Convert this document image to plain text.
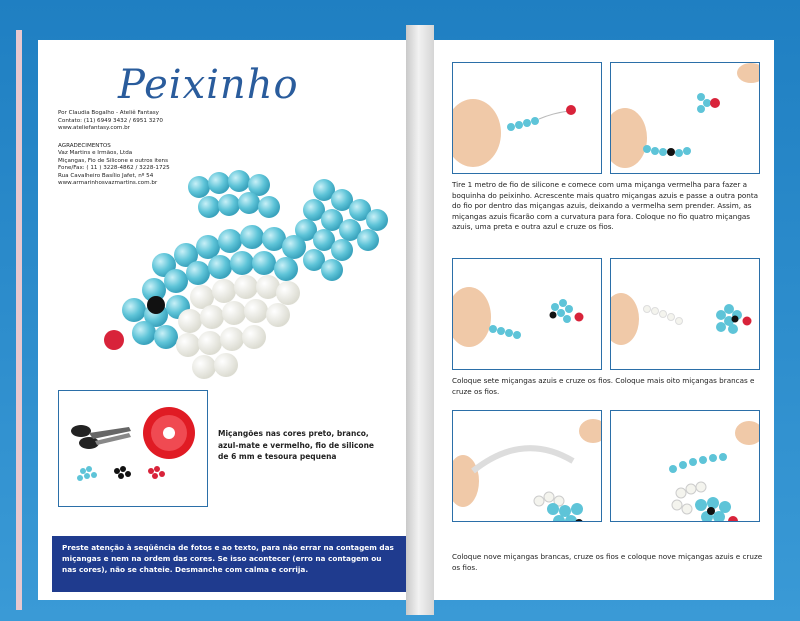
Peixinho
Por Claudia Bogalho - Ateliê Fantasy
Contato: (11) 6949 3432 / 6951 3270
www.ateliefantasy.com.br
AGRADECIMENTOS
Vaz Martins e Irmãos, Ltda
Miçangas, Fio de Silicone e outros itens
Fone/Fax: ( 11 ) 3228-4862 / 3228-1725
Rua Cavalheiro Basílio Jafet, nº 54
www.armarinhosvazmartins.com.br
Miçangões nas cores preto, branco, azul-mate e vermelho, fio de silicone de 6 mm e tesoura pequena
Preste atenção à seqüência de fotos e ao texto, para não errar na contagem das miçangas e nem na ordem das cores. Se isso acontecer (erro na contagem ou nas cores), não se chateie. Desmanche com calma e corrija.
Tire 1 metro de fio de silicone e comece com uma miçanga vermelha para fazer a boquinha do peixinho. Acrescente mais quatro miçangas azuis e passe a outra ponta do fio por dentro das miçangas azuis, deixando a vermelha sem prender. Assim, as miçangas azuis ficarão com a curvatura para fora. Coloque no fio quatro miçangas azuis, uma preta e outra azul e cruze os fios.
Coloque sete miçangas azuis e cruze os fios. Coloque mais oito miçangas brancas e cruze os fios.
Coloque nove miçangas brancas, cruze os fios e coloque nove miçangas azuis e cruze os fios.
